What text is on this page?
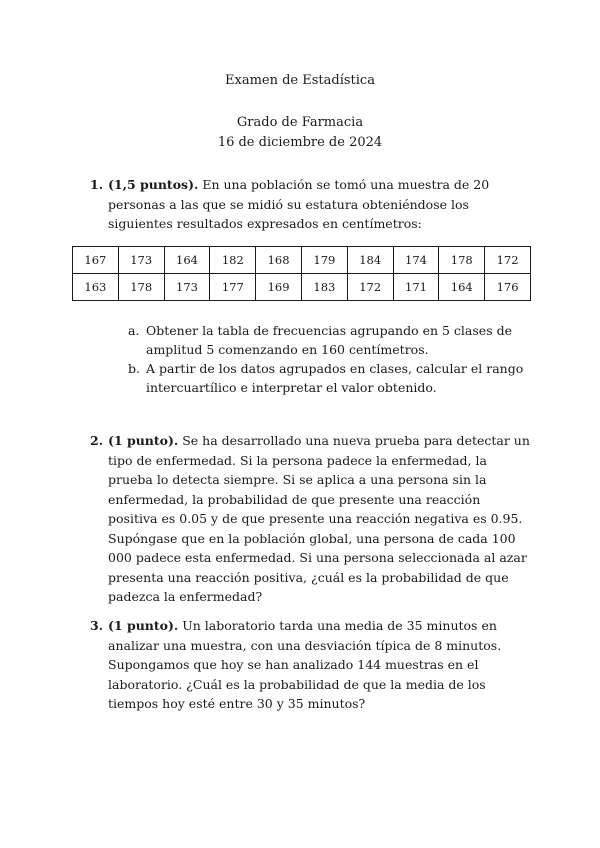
Examen de Estadística
Grado de Farmacia
16 de diciembre de 2024
1. (1,5 puntos). En una población se tomó una muestra de 20 personas a las que se midió su estatura obteniéndose los siguientes resultados expresados en centímetros:
167	173	164	182	168	179	184	174	178	172
163	178	173	177	169	183	172	171	164	176
a. Obtener la tabla de frecuencias agrupando en 5 clases de amplitud 5 comenzando en 160 centímetros.
b. A partir de los datos agrupados en clases, calcular el rango intercuartílico e interpretar el valor obtenido.
2. (1 punto). Se ha desarrollado una nueva prueba para detectar un tipo de enfermedad. Si la persona padece la enfermedad, la prueba lo detecta siempre. Si se aplica a una persona sin la enfermedad, la probabilidad de que presente una reacción positiva es 0.05 y de que presente una reacción negativa es 0.95. Supóngase que en la población global, una persona de cada 100 000 padece esta enfermedad. Si una persona seleccionada al azar presenta una reacción positiva, ¿cuál es la probabilidad de que padezca la enfermedad?
3. (1 punto). Un laboratorio tarda una media de 35 minutos en analizar una muestra, con una desviación típica de 8 minutos. Supongamos que hoy se han analizado 144 muestras en el laboratorio. ¿Cuál es la probabilidad de que la media de los tiempos hoy esté entre 30 y 35 minutos?
